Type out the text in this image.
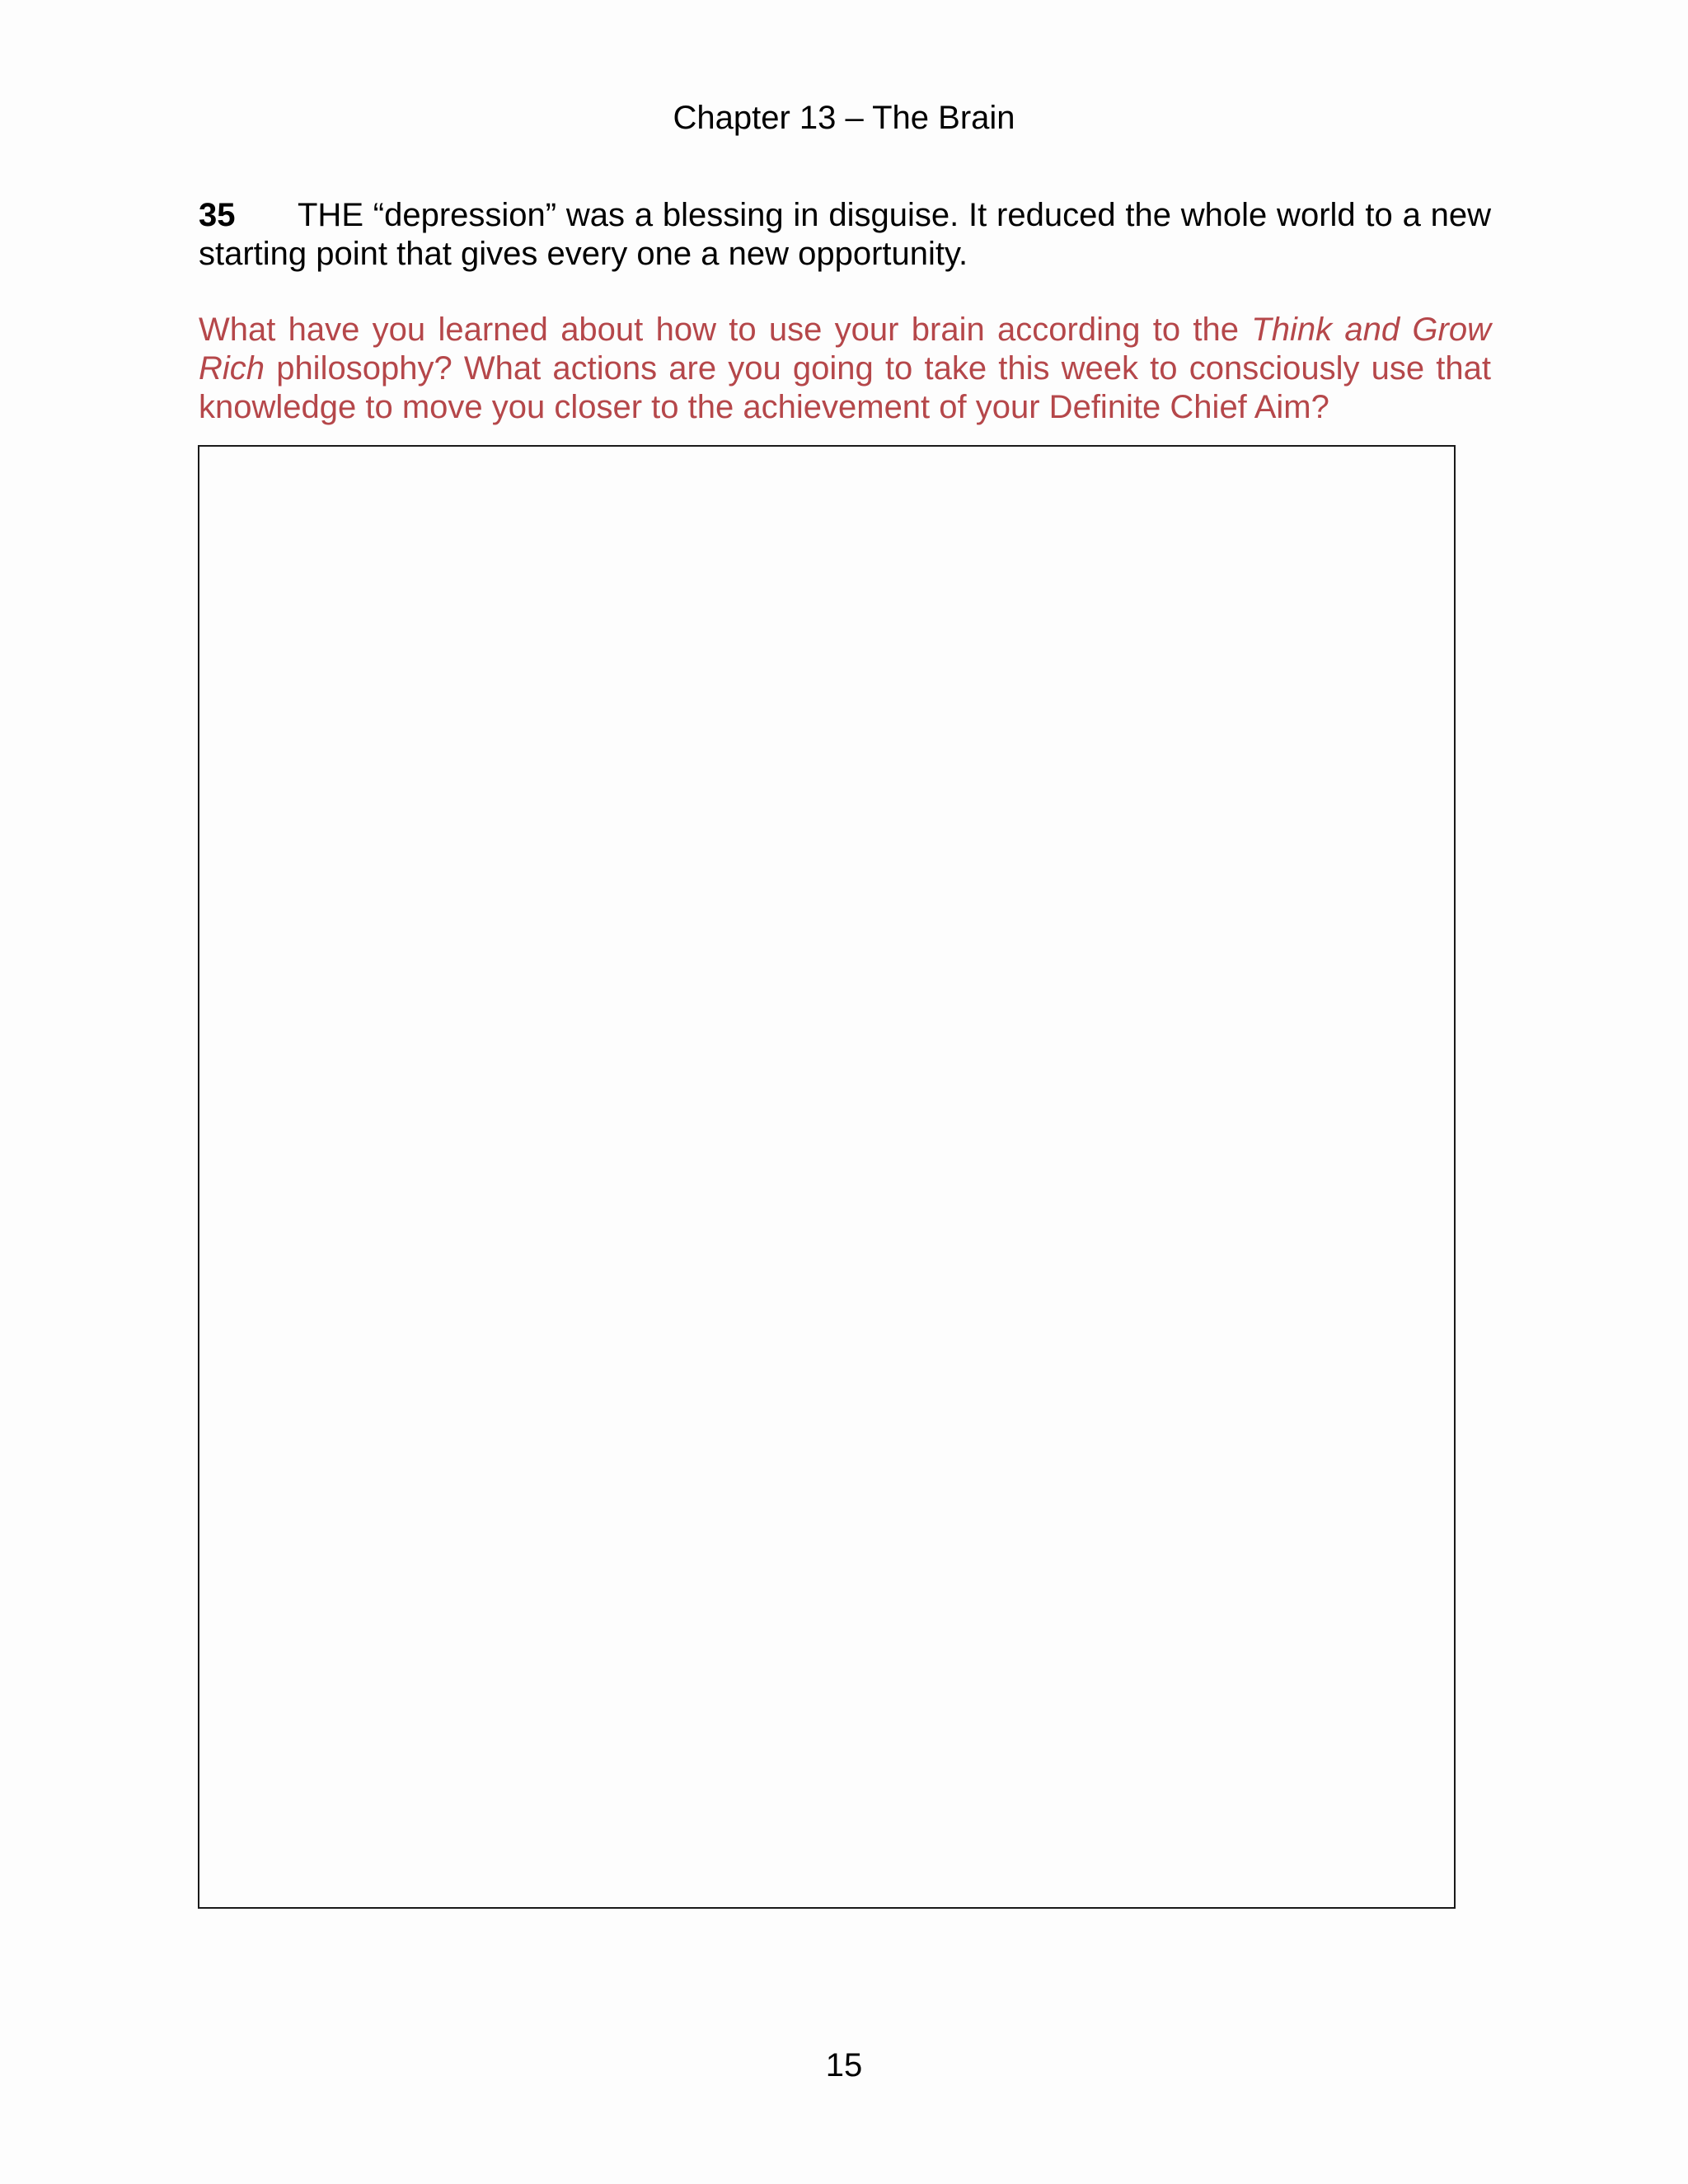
Chapter 13 – The Brain
35 THE “depression” was a blessing in disguise. It reduced the whole world to a new starting point that gives every one a new opportunity.
What have you learned about how to use your brain according to the Think and Grow Rich philosophy? What actions are you going to take this week to consciously use that knowledge to move you closer to the achievement of your Definite Chief Aim?
15
